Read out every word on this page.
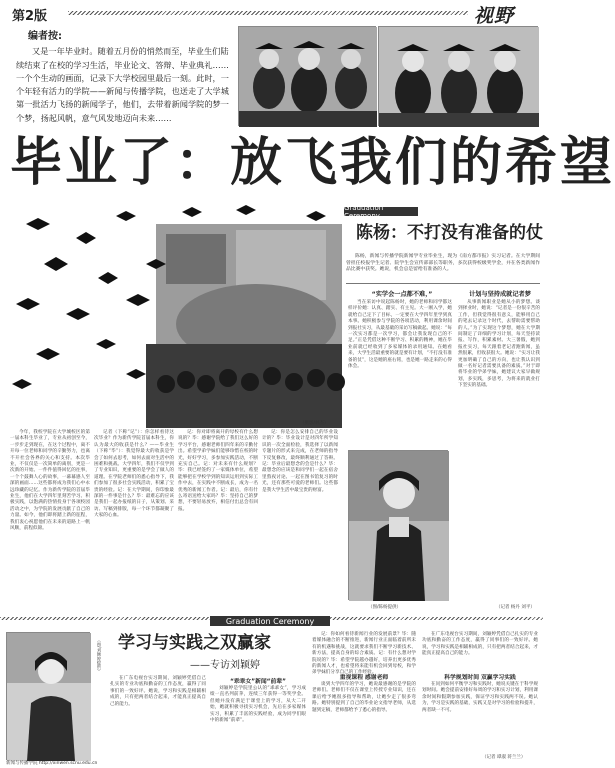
第2版	视野
编者按:
又是一年毕业时。随着五月份的悄然而至，毕业生们陆续结束了在校的学习生活，毕业论文、答辩、毕业典礼……一个个生动的画面，记录下大学校园里最后一刻。此时，一个年轻有活力的学院——新闻与传播学院，也送走了大学城第一批活力飞扬的新闻学子，他们，去带着新闻学院的梦一个梦，扬起风帆，意气风发地迈向未来……
毕业了：放飞我们的希望
（摄影/林杰）

今年，我校学院在大学城校区的第一届本科生毕业了，专业从初创至今，一步步走到现在，在这个过程中，离不开每一位老师和同学的辛勤努力，也离不开社会各界的关心和支持。本次毕业，不仅仅是一次简单的离别，更是一次新的开始。一件件值得回忆的往事，一个个鼓舞人心的故事，一幕幕感人至深的画面……这些都将成为我们心中永远珍藏的记忆。作为新传学院的首届毕业生，他们在大学四年里刻苦学习、积极实践，以饱满的热情投身于各项校园活动之中，为学院的发展贡献了自己的力量。如今，他们即将踏上新的征程，我们衷心祝愿他们在未来的道路上一帆风顺，前程似锦。

记者（下称“记”）：你怎样看待这次毕业？作为新传学院首届本科生，你认为最大的收获是什么？——毕业生（下称“毕”）：我觉得最大的收获是学会了如何去思考，如何去面对生活中的困难和挑战。大学四年，我们不仅学到了专业知识，更重要的是学会了做人的道理。在学院老师们的悉心指导下，我们参加了很多社会实践活动，积累了宝贵的经验。记：在大学期间，你印象最深的一件事是什么？毕：最难忘的应该是我们一起办报纸的日子，从策划、采访、写稿到排版，每一个环节都凝聚了大家的心血。

记：你对即将离开的母校有什么想说的？毕：感谢学院给了我们这么好的学习平台，感谢老师们四年来的辛勤付出。希望学弟学妹们能够珍惜在校的时光，好好学习，多参加实践活动，不断充实自己。记：对未来有什么规划？毕：我已经签约了一家媒体单位，希望能够把在学校学到的知识运用到实际工作中去，在实践中不断成长，成为一名优秀的新闻工作者。记：最后，你有什么寄语送给大家吗？毕：坚持自己的梦想，不要轻易放弃，相信付出总会有回报。

记：你是怎么安排自己的毕业设计的？毕：毕业设计是对四年所学知识的一次全面检验，我选择了以新闻专题片的形式来完成，在老师的指导下反复修改，最终顺利通过了答辩。记：毕业后最想念的会是什么？毕：最想念的应该是和同学们一起在宿舍里熬夜讨论、一起在图书馆复习的时光，还有那些可爱的老师们。这些都是我大学生活中最宝贵的财富。

Graduation Ceremony
陈杨：不打没有准备的仗

陈杨，新闻与传播学院新闻学专业毕业生，现为《南方都市报》实习记者。在大学期间曾担任校报学生记者、院学生会宣传部部长等职务，多次获得校级奖学金，并在各类新闻作品比赛中获奖。她说，机会总是留给有准备的人。

“实学会一点都不难，”

当在采访中说起陈杨时，她的老师和同学都这样评价她：认真、踏实、有主见。大一刚入学，她就给自己定下了目标，一定要在大学四年里学到真本事。她积极参与学院的各项活动，利用课余时间到报社实习，从最基础的采访写稿做起。她说：“每一次实习都是一次学习，都会让我发现自己的不足。”正是凭借这种不断学习、积累的精神，她在毕业前就已经收到了多家媒体的录用通知。在她看来，大学生活最重要的就是要有计划，“不打没有准备的仗”，这是她的座右铭，也是她一路走来的心得体会。

计划与坚持成就记者梦

从事新闻职业是她从小的梦想。谈到择业时，她说：“记者是一份很辛苦的工作，但我觉得很有意义，能够用自己的笔去记录这个时代，去帮助需要帮助的人。”为了实现这个梦想，她在大学期间制定了详细的学习计划，每天坚持读报、写作，积累素材。大三暑假，她到报社实习，每天跟着老记者跑新闻，虽然很累，但收获很大。她说：“实习让我更加明确了自己的方向，也让我认识到做一名好记者需要具备的素质。”对于即将毕业的学弟学妹，她建议大家早做规划，多实践，多思考，为将来的就业打下坚实的基础。

（图/陈杨提供）	（记者 杨丹 刘平）
Graduation Ceremony
（图/刘颖婷提供） 学习与实践之双赢家
——专访刘颖婷

在广东电视台实习期间，刘颖婷凭借自己扎实的专业功底和勤奋的工作态度，赢得了同事们的一致好评。她说，学习和实践是相辅相成的，只有把两者结合起来，才能真正提高自己的能力。

“乖乖女”新闻“前辈”

刘颖婷是学院里公认的“乖乖女”，学习成绩一直名列前茅，连续三年获得一等奖学金。但她并没有满足于课堂上的学习，从大二开始，她就积极寻找实习机会，先后在多家媒体实习，积累了丰富的实践经验，成为同学们眼中的新闻“前辈”。

记：你如何看待新闻行业的发展前景？毕：随着媒体融合的不断推进，新闻行业正面临着前所未有的机遇和挑战，这就要求我们不断学习新技术、新方法，提高自身的综合素质。记：有什么想对学院说的？毕：希望学院越办越好，培养出更多优秀的新闻人才，也希望将来能有机会回到母校，和学弟学妹们分享自己的工作经验。

重视课程 感谢老师

谈到大学四年的学习，她说最感谢的是学院的老师们。老师们不仅在课堂上传授专业知识，还在课后给予她很多指导和帮助，让她少走了很多弯路。她特别提到了自己的毕业论文指导老师，从选题到定稿，老师都给予了悉心的指导。

在广东电视台实习期间，刘颖婷凭借自己扎实的专业功底和勤奋的工作态度，赢得了同事们的一致好评。她说，学习和实践是相辅相成的，只有把两者结合起来，才能真正提高自己的能力。

科学规划时间 双赢学习实践

在问到如何平衡学习和实践时，她说关键在于科学规划时间。她会提前安排好每周的学习和实习计划，利用课余时间和假期参加实践，保证学习和实践两不误。她认为，学习是实践的基础，实践又是对学习的检验和提升，两者缺一不可。

（记者 谭淑 蒋兰兰）
新闻与传播学院 http://xinwen.scnu.edu.cn
